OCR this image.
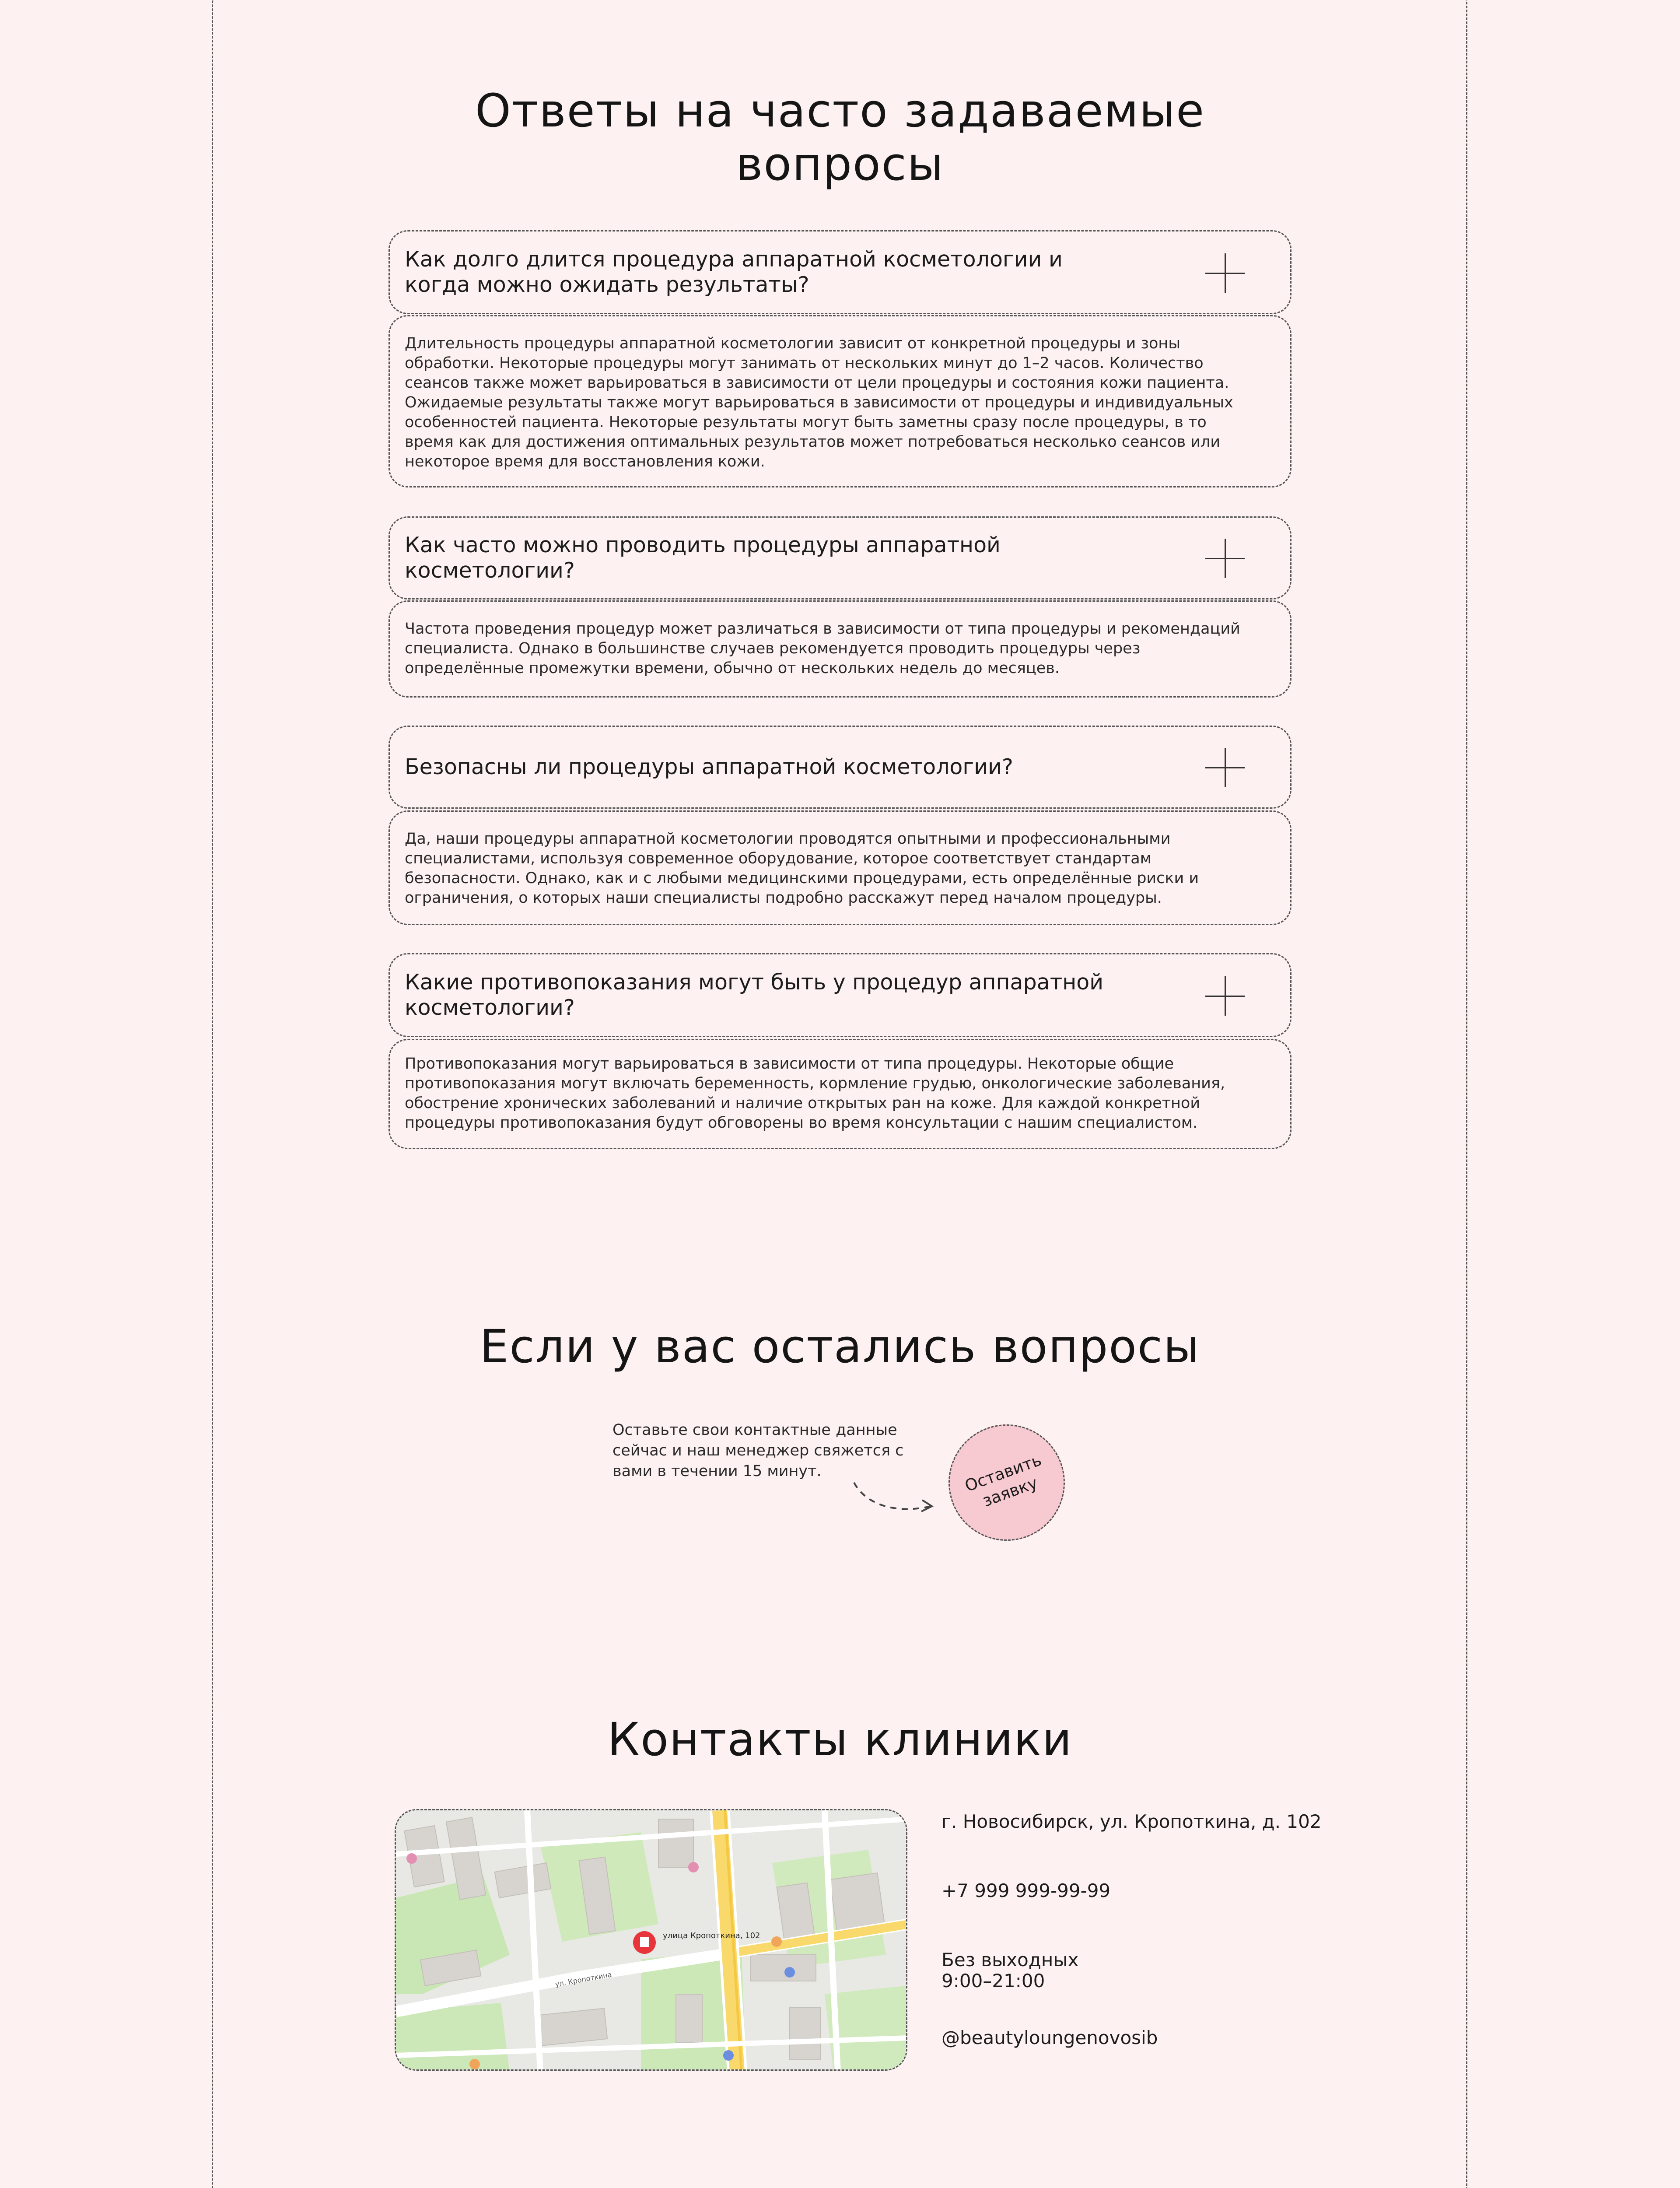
Ответы на часто задаваемые
вопросы
Как долго длится процедура аппаратной косметологии и когда можно ожидать результаты?
Длительность процедуры аппаратной косметологии зависит от конкретной процедуры и зоны обработки. Некоторые процедуры могут занимать от нескольких минут до 1–2 часов. Количество сеансов также может варьироваться в зависимости от цели процедуры и состояния кожи пациента. Ожидаемые результаты также могут варьироваться в зависимости от процедуры и индивидуальных особенностей пациента. Некоторые результаты могут быть заметны сразу после процедуры, в то время как для достижения оптимальных результатов может потребоваться несколько сеансов или некоторое время для восстановления кожи.
Как часто можно проводить процедуры аппаратной косметологии?
Частота проведения процедур может различаться в зависимости от типа процедуры и рекомендаций специалиста. Однако в большинстве случаев рекомендуется проводить процедуры через определённые промежутки времени, обычно от нескольких недель до месяцев.
Безопасны ли процедуры аппаратной косметологии?
Да, наши процедуры аппаратной косметологии проводятся опытными и профессиональными специалистами, используя современное оборудование, которое соответствует стандартам безопасности. Однако, как и с любыми медицинскими процедурами, есть определённые риски и ограничения, о которых наши специалисты подробно расскажут перед началом процедуры.
Какие противопоказания могут быть у процедур аппаратной косметологии?
Противопоказания могут варьироваться в зависимости от типа процедуры. Некоторые общие противопоказания могут включать беременность, кормление грудью, онкологические заболевания, обострение хронических заболеваний и наличие открытых ран на коже. Для каждой конкретной процедуры противопоказания будут обговорены во время консультации с нашим специалистом.
Если у вас остались вопросы
Оставьте свои контактные данные сейчас и наш менеджер свяжется с вами в течении 15 минут.	Оставить заявку
Контакты клиники
улица Кропоткина, 102
ул. Кропоткина
г. Новосибирск, ул. Кропоткина, д. 102
+7 999 999-99-99
Без выходных
9:00–21:00
@beautyloungenovosib
